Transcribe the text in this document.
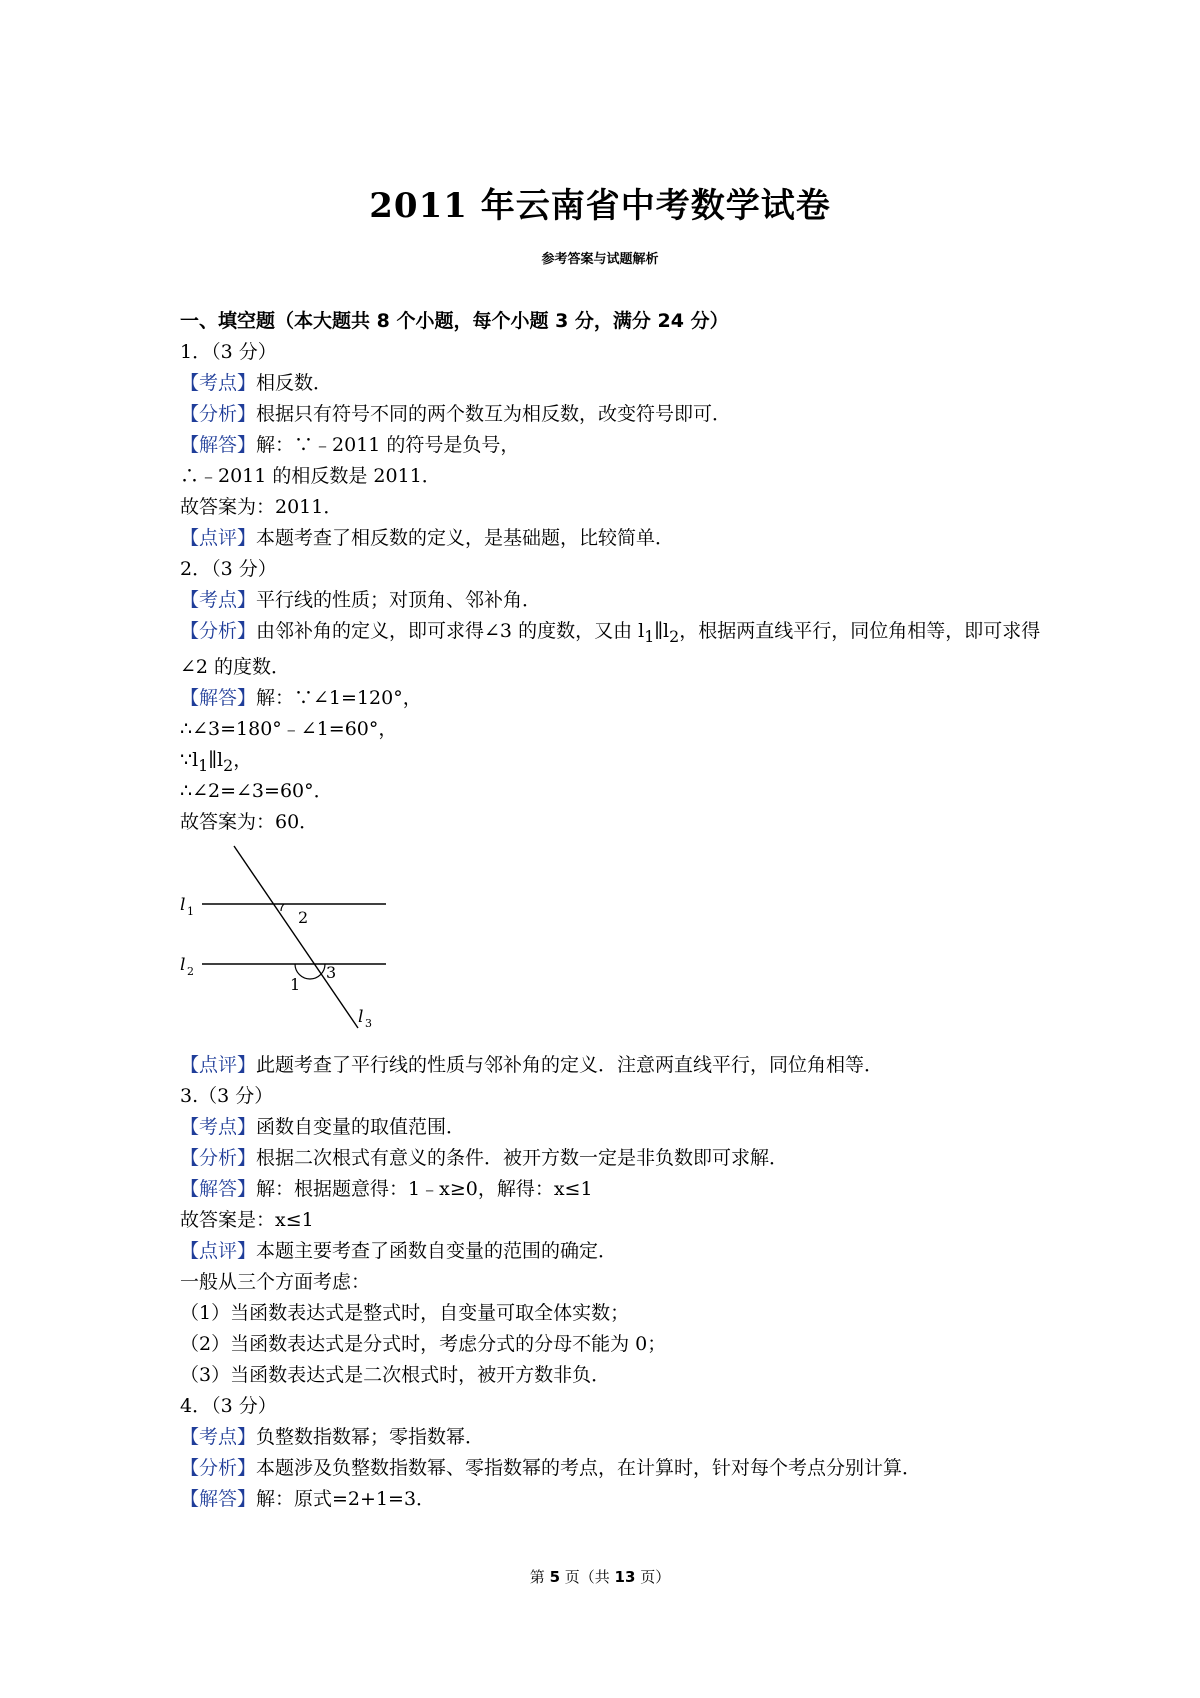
2011 年云南省中考数学试卷
参考答案与试题解析
一、填空题（本大题共 8 个小题，每个小题 3 分，满分 24 分）
1．（3 分）
【考点】相反数．
【分析】根据只有符号不同的两个数互为相反数，改变符号即可．
【解答】解：∵﹣2011 的符号是负号，
∴﹣2011 的相反数是 2011．
故答案为：2011．
【点评】本题考查了相反数的定义，是基础题，比较简单．
2．（3 分）
【考点】平行线的性质；对顶角、邻补角．
【分析】由邻补角的定义，即可求得∠3 的度数，又由 $l_1\parallel l_2$，根据两直线平行，同位角相等，即可求得∠2 的度数．
【解答】解：∵∠1=120°，
∴∠3=180°﹣∠1=60°，
$\because l_1\parallel l_2$，
∴∠2=∠3=60°．
故答案为：60．
l 1
l 2
l 3
2
1
3
【点评】此题考查了平行线的性质与邻补角的定义．注意两直线平行，同位角相等．
3.（3 分）
【考点】函数自变量的取值范围．
【分析】根据二次根式有意义的条件．被开方数一定是非负数即可求解．
【解答】解：根据题意得：1﹣x≥0，解得：x≤1
故答案是：x≤1
【点评】本题主要考查了函数自变量的范围的确定．
一般从三个方面考虑：
（1）当函数表达式是整式时，自变量可取全体实数；
（2）当函数表达式是分式时，考虑分式的分母不能为 0；
（3）当函数表达式是二次根式时，被开方数非负．
4．（3 分）
【考点】负整数指数幂；零指数幂．
【分析】本题涉及负整数指数幂、零指数幂的考点，在计算时，针对每个考点分别计算．
【解答】解：原式=2+1=3．
第 5 页（共 13 页）
